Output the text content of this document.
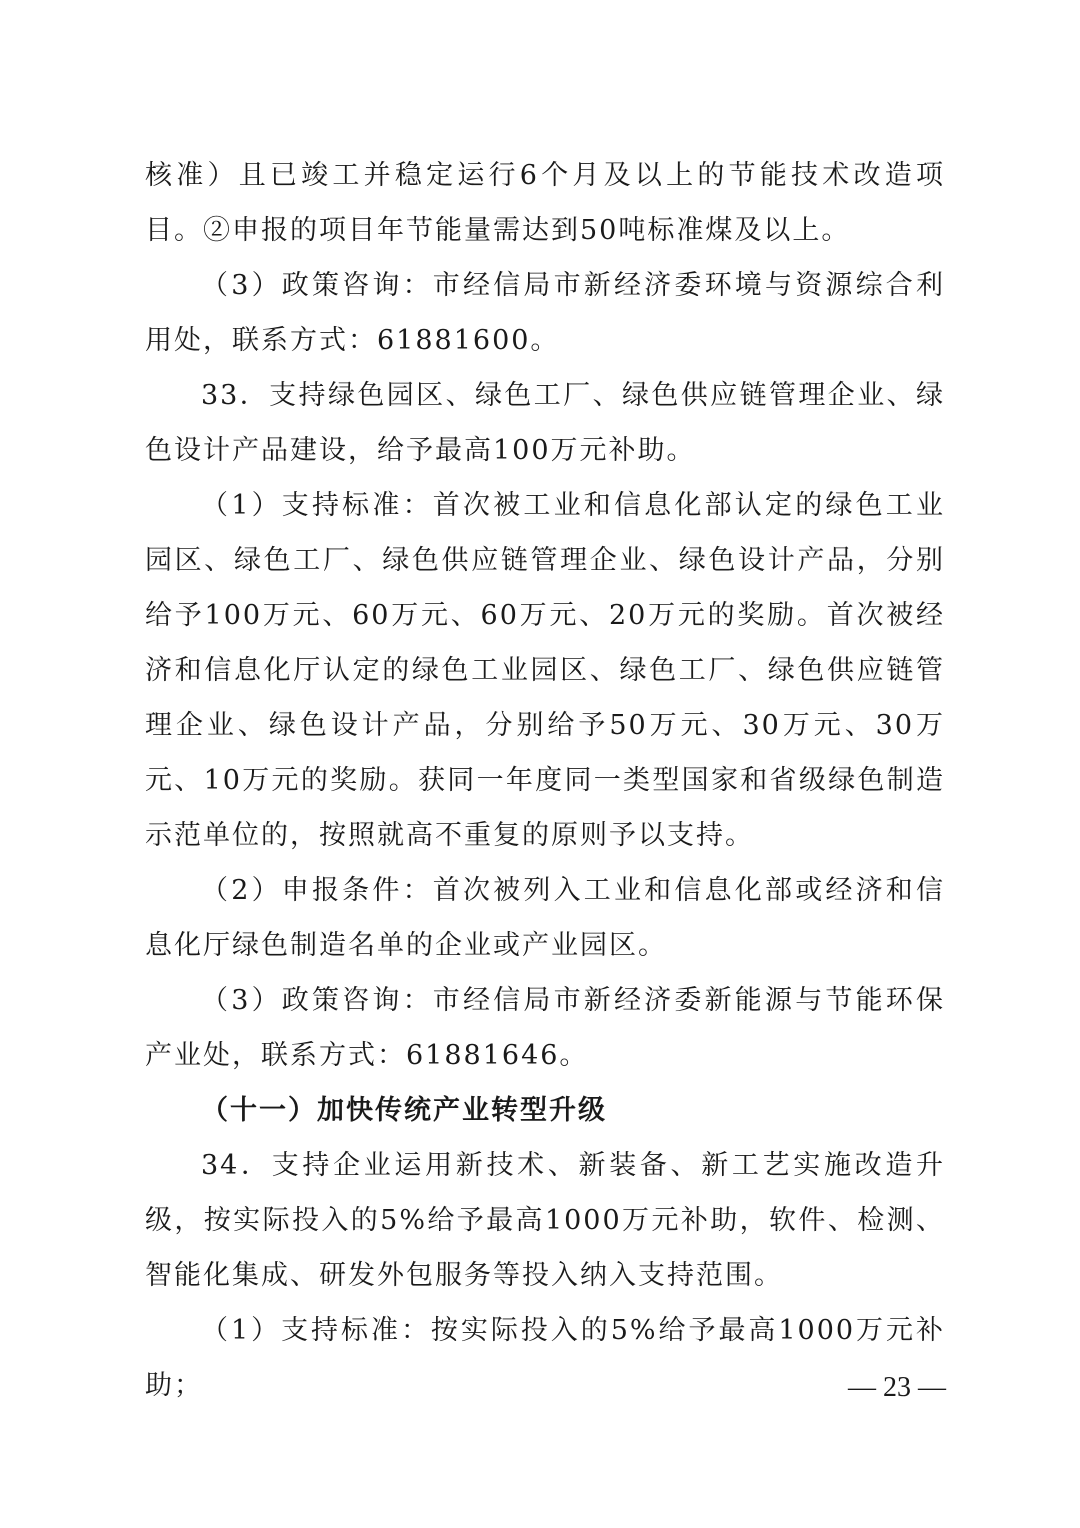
核准）且已竣工并稳定运行6个月及以上的节能技术改造项目。②申报的项目年节能量需达到50吨标准煤及以上。

（3）政策咨询：市经信局市新经济委环境与资源综合利用处，联系方式：61881600。

33．支持绿色园区、绿色工厂、绿色供应链管理企业、绿色设计产品建设，给予最高100万元补助。

（1）支持标准：首次被工业和信息化部认定的绿色工业园区、绿色工厂、绿色供应链管理企业、绿色设计产品，分别给予100万元、60万元、60万元、20万元的奖励。首次被经济和信息化厅认定的绿色工业园区、绿色工厂、绿色供应链管理企业、绿色设计产品，分别给予50万元、30万元、30万元、10万元的奖励。获同一年度同一类型国家和省级绿色制造示范单位的，按照就高不重复的原则予以支持。

（2）申报条件：首次被列入工业和信息化部或经济和信息化厅绿色制造名单的企业或产业园区。

（3）政策咨询：市经信局市新经济委新能源与节能环保产业处，联系方式：61881646。

（十一）加快传统产业转型升级

34．支持企业运用新技术、新装备、新工艺实施改造升级，按实际投入的5%给予最高1000万元补助，软件、检测、智能化集成、研发外包服务等投入纳入支持范围。

（1）支持标准：按实际投入的5%给予最高1000万元补助；	— 23 —
